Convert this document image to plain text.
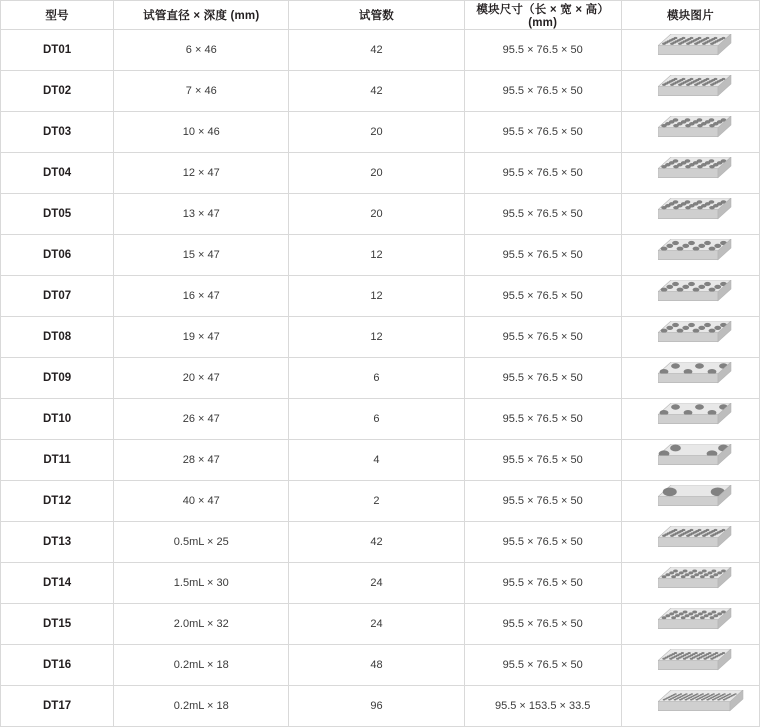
型号	试管直径 × 深度 (mm)	试管数	模块尺寸（长 × 宽 × 高）(mm)	模块图片
DT01	6 × 46	42	95.5 × 76.5 × 50	

DT02	7 × 46	42	95.5 × 76.5 × 50	

DT03	10 × 46	20	95.5 × 76.5 × 50	

DT04	12 × 47	20	95.5 × 76.5 × 50	

DT05	13 × 47	20	95.5 × 76.5 × 50	

DT06	15 × 47	12	95.5 × 76.5 × 50	

DT07	16 × 47	12	95.5 × 76.5 × 50	

DT08	19 × 47	12	95.5 × 76.5 × 50	

DT09	20 × 47	6	95.5 × 76.5 × 50	

DT10	26 × 47	6	95.5 × 76.5 × 50	

DT11	28 × 47	4	95.5 × 76.5 × 50	

DT12	40 × 47	2	95.5 × 76.5 × 50	

DT13	0.5mL × 25	42	95.5 × 76.5 × 50	

DT14	1.5mL × 30	24	95.5 × 76.5 × 50	

DT15	2.0mL × 32	24	95.5 × 76.5 × 50	

DT16	0.2mL × 18	48	95.5 × 76.5 × 50	

DT17	0.2mL × 18	96	95.5 × 153.5 × 33.5	
